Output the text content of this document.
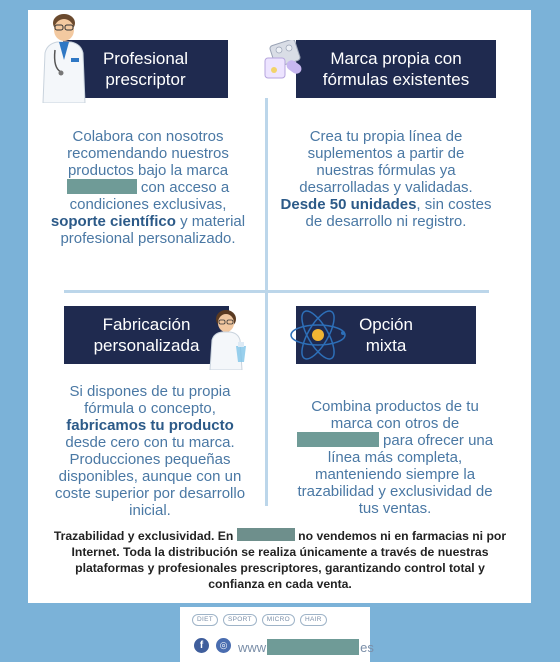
Profesional
prescriptor
Colabora con nosotros recomendando nuestros productos bajo la marca  con acceso a condiciones exclusivas, soporte científico y material profesional personalizado.
Marca propia con
fórmulas existentes
Crea tu propia línea de suplementos a partir de nuestras fórmulas ya desarrolladas y validadas. Desde 50 unidades, sin costes de desarrollo ni registro.
Fabricación
personalizada
Si dispones de tu propia fórmula o concepto, fabricamos tu producto desde cero con tu marca. Producciones pequeñas disponibles, aunque con un coste superior por desarrollo inicial.
Opción
mixta
Combina productos de tu marca con otros de  para ofrecer una línea más completa, manteniendo siempre la trazabilidad y exclusividad de tus ventas.
Trazabilidad y exclusividad. En	no vendemos ni en farmacias ni por Internet. Toda la distribución se realiza únicamente a través de nuestras plataformas y profesionales prescriptores, garantizando control total y confianza en cada venta.
DIET	SPORT	MICRO	HAIR
f	◎ www	es
